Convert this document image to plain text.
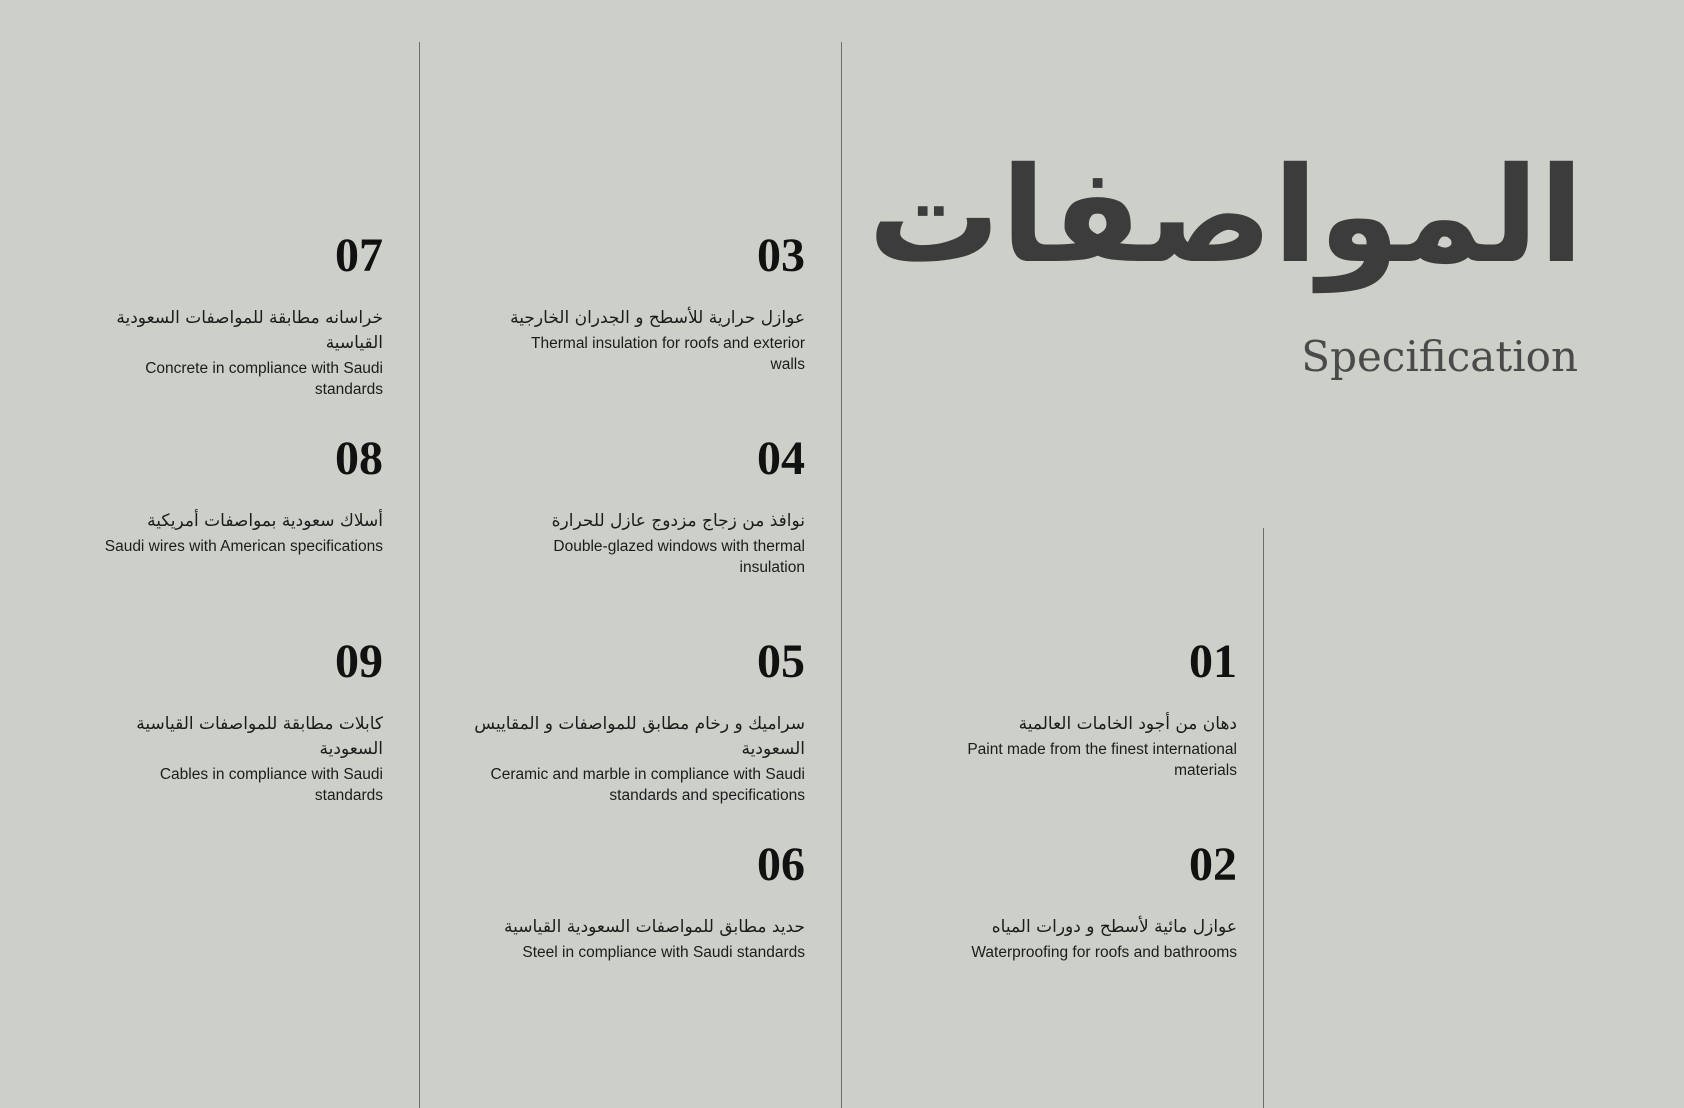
المواصفات
Specification
01
دهان من أجود الخامات العالمية
Paint made from the finest international materials
02
عوازل مائية لأسطح و دورات المياه
Waterproofing for roofs and bathrooms
03
عوازل حرارية للأسطح و الجدران الخارجية
Thermal insulation for roofs and exterior walls
04
نوافذ من زجاج مزدوج عازل للحرارة
Double-glazed windows with thermal insulation
05
سراميك و رخام مطابق للمواصفات و المقاييس السعودية
Ceramic and marble in compliance with Saudi standards and specifications
06
حديد مطابق للمواصفات السعودية القياسية
Steel in compliance with Saudi standards
07
خراسانه مطابقة للمواصفات السعودية القياسية
Concrete in compliance with Saudi standards
08
أسلاك سعودية بمواصفات أمريكية
Saudi wires with American specifications
09
كابلات مطابقة للمواصفات القياسية السعودية
Cables in compliance with Saudi standards
